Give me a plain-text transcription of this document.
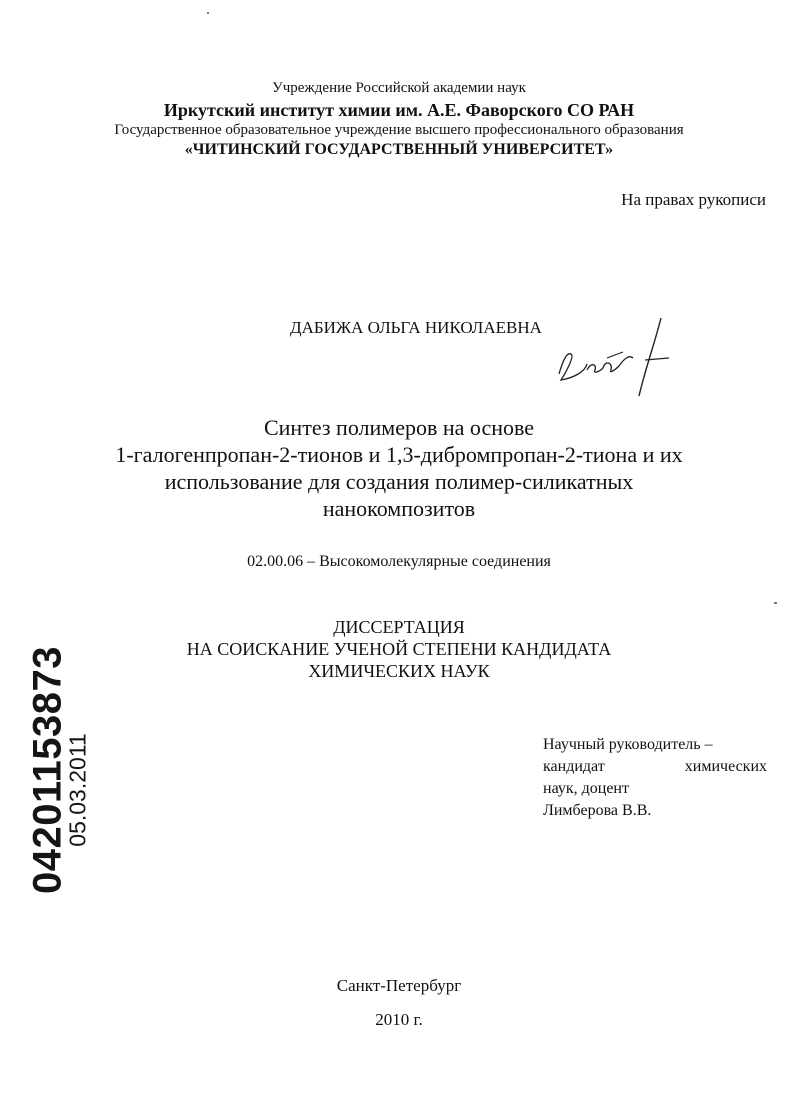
Учреждение Российской академии наук
Иркутский институт химии им. А.Е. Фаворского СО РАН
Государственное образовательное учреждение высшего профессионального образования
«ЧИТИНСКИЙ ГОСУДАРСТВЕННЫЙ УНИВЕРСИТЕТ»
На правах рукописи
ДАБИЖА ОЛЬГА НИКОЛАЕВНА
Синтез полимеров на основе
1-галогенпропан-2-тионов и 1,3-дибромпропан-2-тиона и их
использование для создания полимер-силикатных
нанокомпозитов
02.00.06 – Высокомолекулярные соединения
ДИССЕРТАЦИЯ
НА СОИСКАНИЕ УЧЕНОЙ СТЕПЕНИ КАНДИДАТА
ХИМИЧЕСКИХ НАУК
Научный руководитель –
кандидат	химических
наук, доцент
Лимберова В.В.
Санкт-Петербург
2010 г.
04201153873
05.03.2011
